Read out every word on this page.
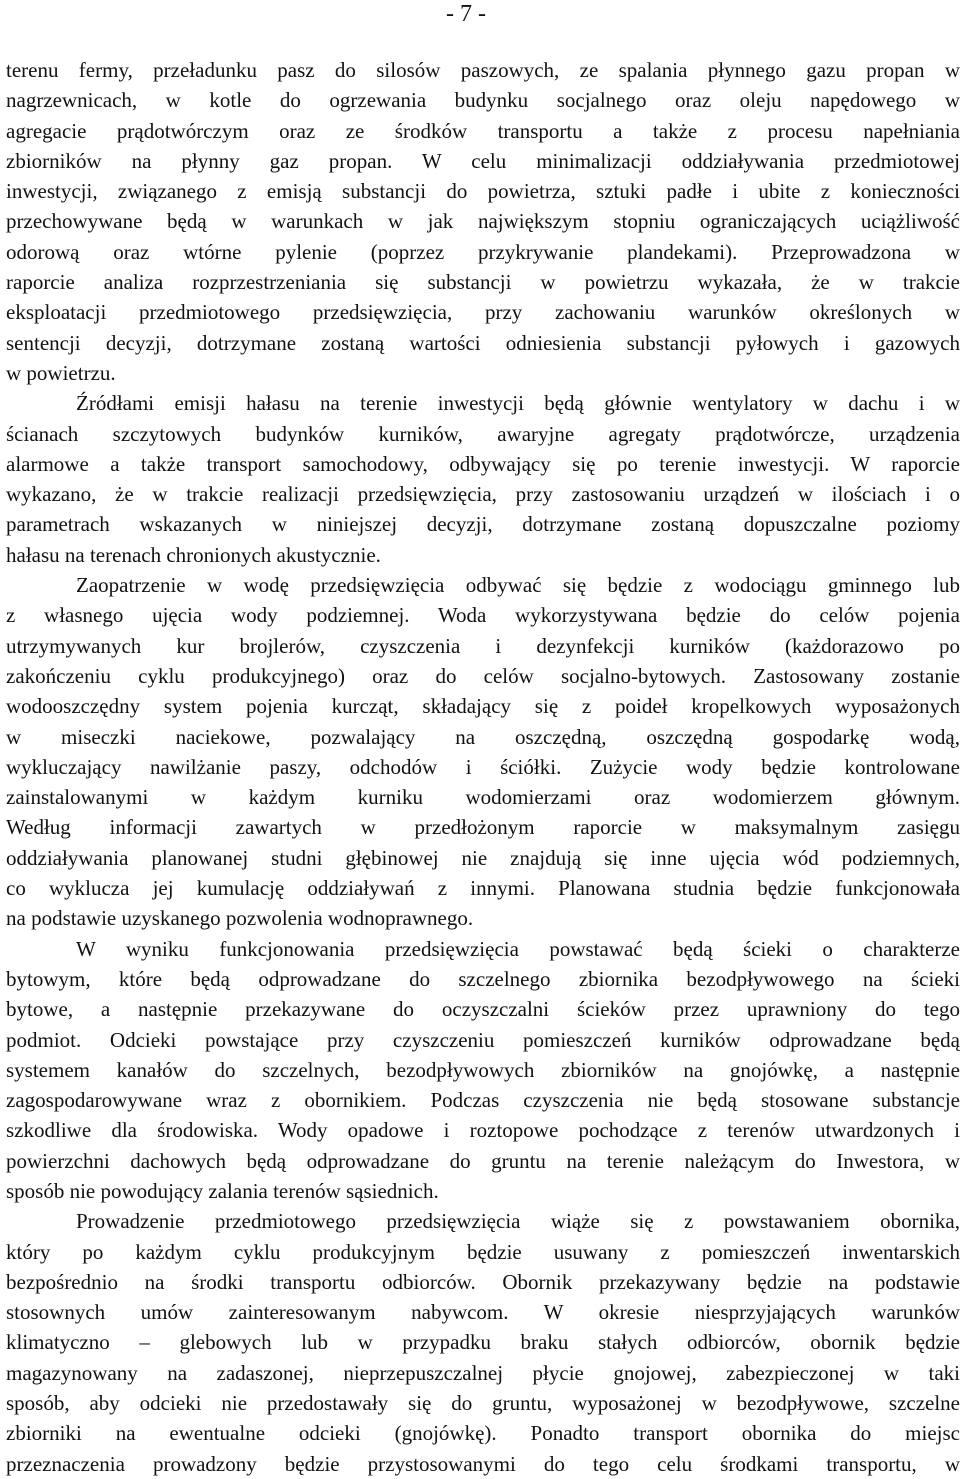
- 7 -
terenu fermy, przeładunku pasz do silosów paszowych, ze spalania płynnego gazu propan w
nagrzewnicach, w kotle do ogrzewania budynku socjalnego oraz oleju napędowego w
agregacie prądotwórczym oraz ze środków transportu a także z procesu napełniania
zbiorników na płynny gaz propan. W celu minimalizacji oddziaływania przedmiotowej
inwestycji, związanego z emisją substancji do powietrza, sztuki padłe i ubite z konieczności
przechowywane będą w warunkach w jak największym stopniu ograniczających uciążliwość
odorową oraz wtórne pylenie (poprzez przykrywanie plandekami). Przeprowadzona w
raporcie analiza rozprzestrzeniania się substancji w powietrzu wykazała, że w trakcie
eksploatacji przedmiotowego przedsięwzięcia, przy zachowaniu warunków określonych w
sentencji decyzji, dotrzymane zostaną wartości odniesienia substancji pyłowych i gazowych
w powietrzu.
Źródłami emisji hałasu na terenie inwestycji będą głównie wentylatory w dachu i w
ścianach szczytowych budynków kurników, awaryjne agregaty prądotwórcze, urządzenia
alarmowe a także transport samochodowy, odbywający się po terenie inwestycji. W raporcie
wykazano, że w trakcie realizacji przedsięwzięcia, przy zastosowaniu urządzeń w ilościach i o
parametrach wskazanych w niniejszej decyzji, dotrzymane zostaną dopuszczalne poziomy
hałasu na terenach chronionych akustycznie.
Zaopatrzenie w wodę przedsięwzięcia odbywać się będzie z wodociągu gminnego lub
z własnego ujęcia wody podziemnej. Woda wykorzystywana będzie do celów pojenia
utrzymywanych kur brojlerów, czyszczenia i dezynfekcji kurników (każdorazowo po
zakończeniu cyklu produkcyjnego) oraz do celów socjalno-bytowych. Zastosowany zostanie
wodooszczędny system pojenia kurcząt, składający się z poideł kropelkowych wyposażonych
w miseczki naciekowe, pozwalający na oszczędną, oszczędną gospodarkę wodą,
wykluczający nawilżanie paszy, odchodów i ściółki. Zużycie wody będzie kontrolowane
zainstalowanymi w każdym kurniku wodomierzami oraz wodomierzem głównym.
Według informacji zawartych w przedłożonym raporcie w maksymalnym zasięgu
oddziaływania planowanej studni głębinowej nie znajdują się inne ujęcia wód podziemnych,
co wyklucza jej kumulację oddziaływań z innymi. Planowana studnia będzie funkcjonowała
na podstawie uzyskanego pozwolenia wodnoprawnego.
W wyniku funkcjonowania przedsięwzięcia powstawać będą ścieki o charakterze
bytowym, które będą odprowadzane do szczelnego zbiornika bezodpływowego na ścieki
bytowe, a następnie przekazywane do oczyszczalni ścieków przez uprawniony do tego
podmiot. Odcieki powstające przy czyszczeniu pomieszczeń kurników odprowadzane będą
systemem kanałów do szczelnych, bezodpływowych zbiorników na gnojówkę, a następnie
zagospodarowywane wraz z obornikiem. Podczas czyszczenia nie będą stosowane substancje
szkodliwe dla środowiska. Wody opadowe i roztopowe pochodzące z terenów utwardzonych i
powierzchni dachowych będą odprowadzane do gruntu na terenie należącym do Inwestora, w
sposób nie powodujący zalania terenów sąsiednich.
Prowadzenie przedmiotowego przedsięwzięcia wiąże się z powstawaniem obornika,
który po każdym cyklu produkcyjnym będzie usuwany z pomieszczeń inwentarskich
bezpośrednio na środki transportu odbiorców. Obornik przekazywany będzie na podstawie
stosownych umów zainteresowanym nabywcom. W okresie niesprzyjających warunków
klimatyczno – glebowych lub w przypadku braku stałych odbiorców, obornik będzie
magazynowany na zadaszonej, nieprzepuszczalnej płycie gnojowej, zabezpieczonej w taki
sposób, aby odcieki nie przedostawały się do gruntu, wyposażonej w bezodpływowe, szczelne
zbiorniki na ewentualne odcieki (gnojówkę). Ponadto transport obornika do miejsc
przeznaczenia prowadzony będzie przystosowanymi do tego celu środkami transportu, w
